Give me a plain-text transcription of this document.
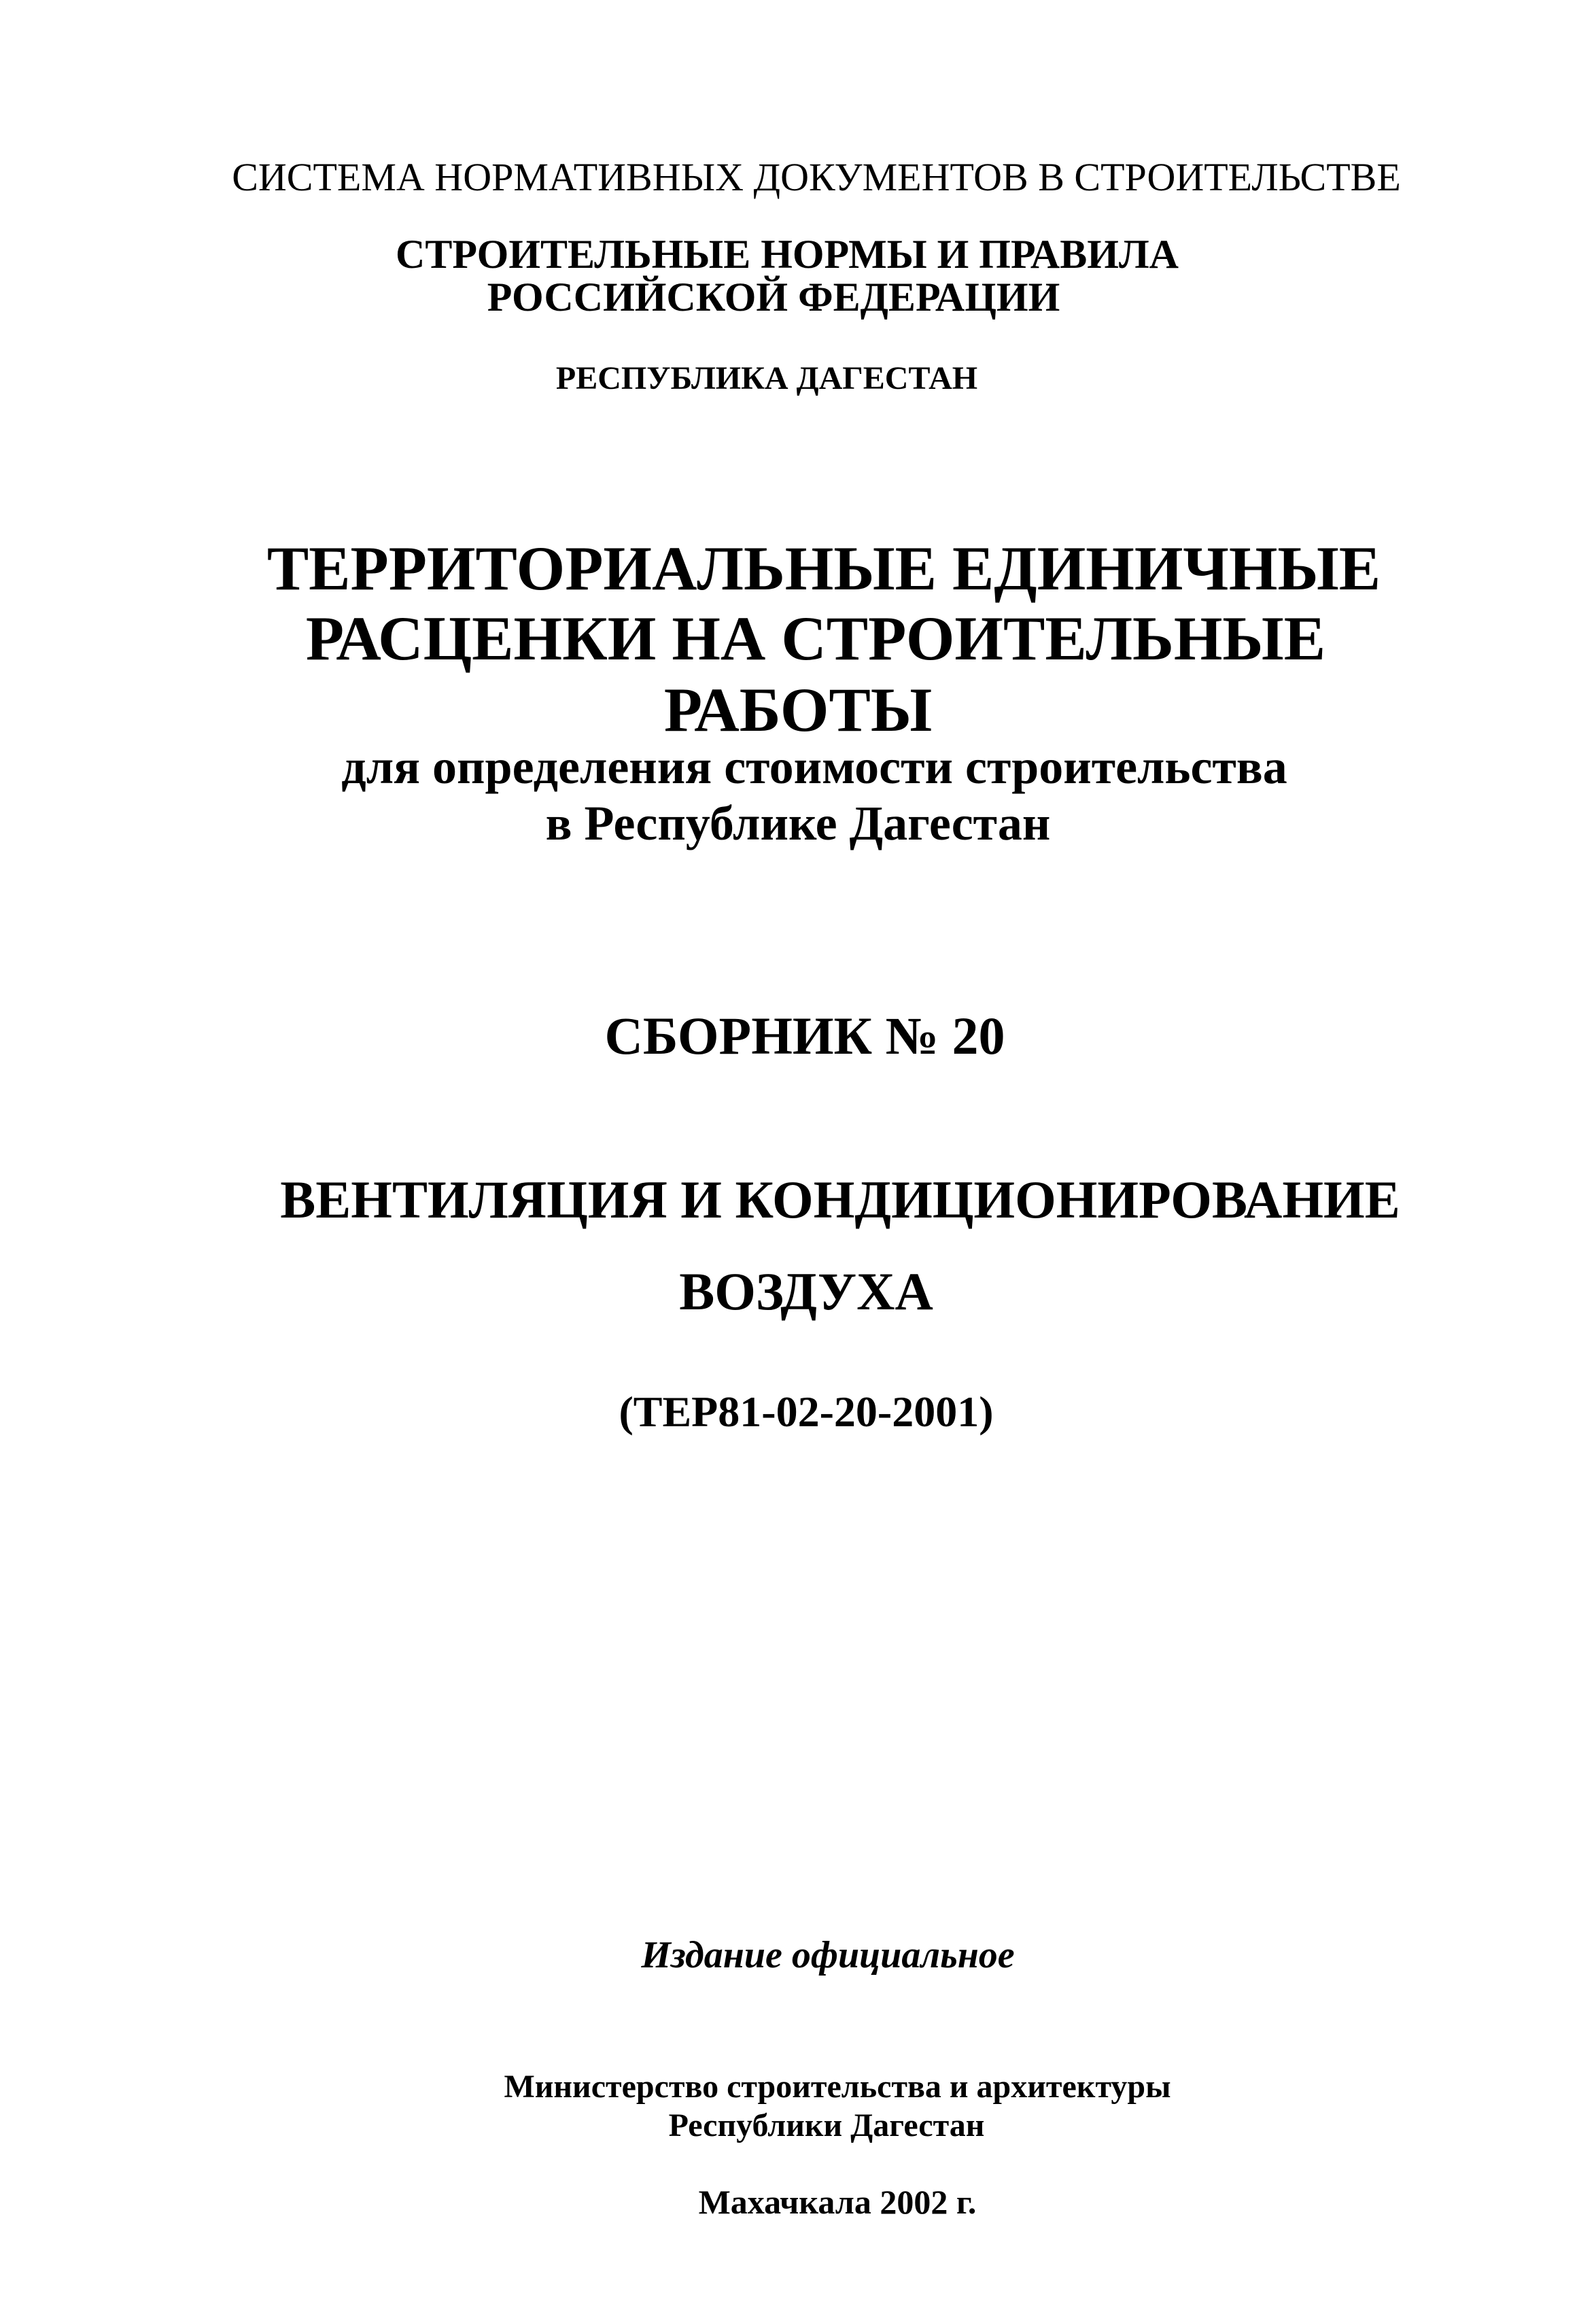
СИСТЕМА НОРМАТИВНЫХ ДОКУМЕНТОВ В СТРОИТЕЛЬСТВЕ

СТРОИТЕЛЬНЫЕ НОРМЫ И ПРАВИЛА

РОССИЙСКОЙ ФЕДЕРАЦИИ

РЕСПУБЛИКА ДАГЕСТАН

ТЕРРИТОРИАЛЬНЫЕ ЕДИНИЧНЫЕ

РАСЦЕНКИ НА СТРОИТЕЛЬНЫЕ

РАБОТЫ

для определения стоимости строительства

в Республике Дагестан

СБОРНИК № 20

ВЕНТИЛЯЦИЯ И КОНДИЦИОНИРОВАНИЕ

ВОЗДУХА

(ТЕР81-02-20-2001)

Издание официальное

Министерство строительства и архитектуры

Республики Дагестан

Махачкала 2002 г.
